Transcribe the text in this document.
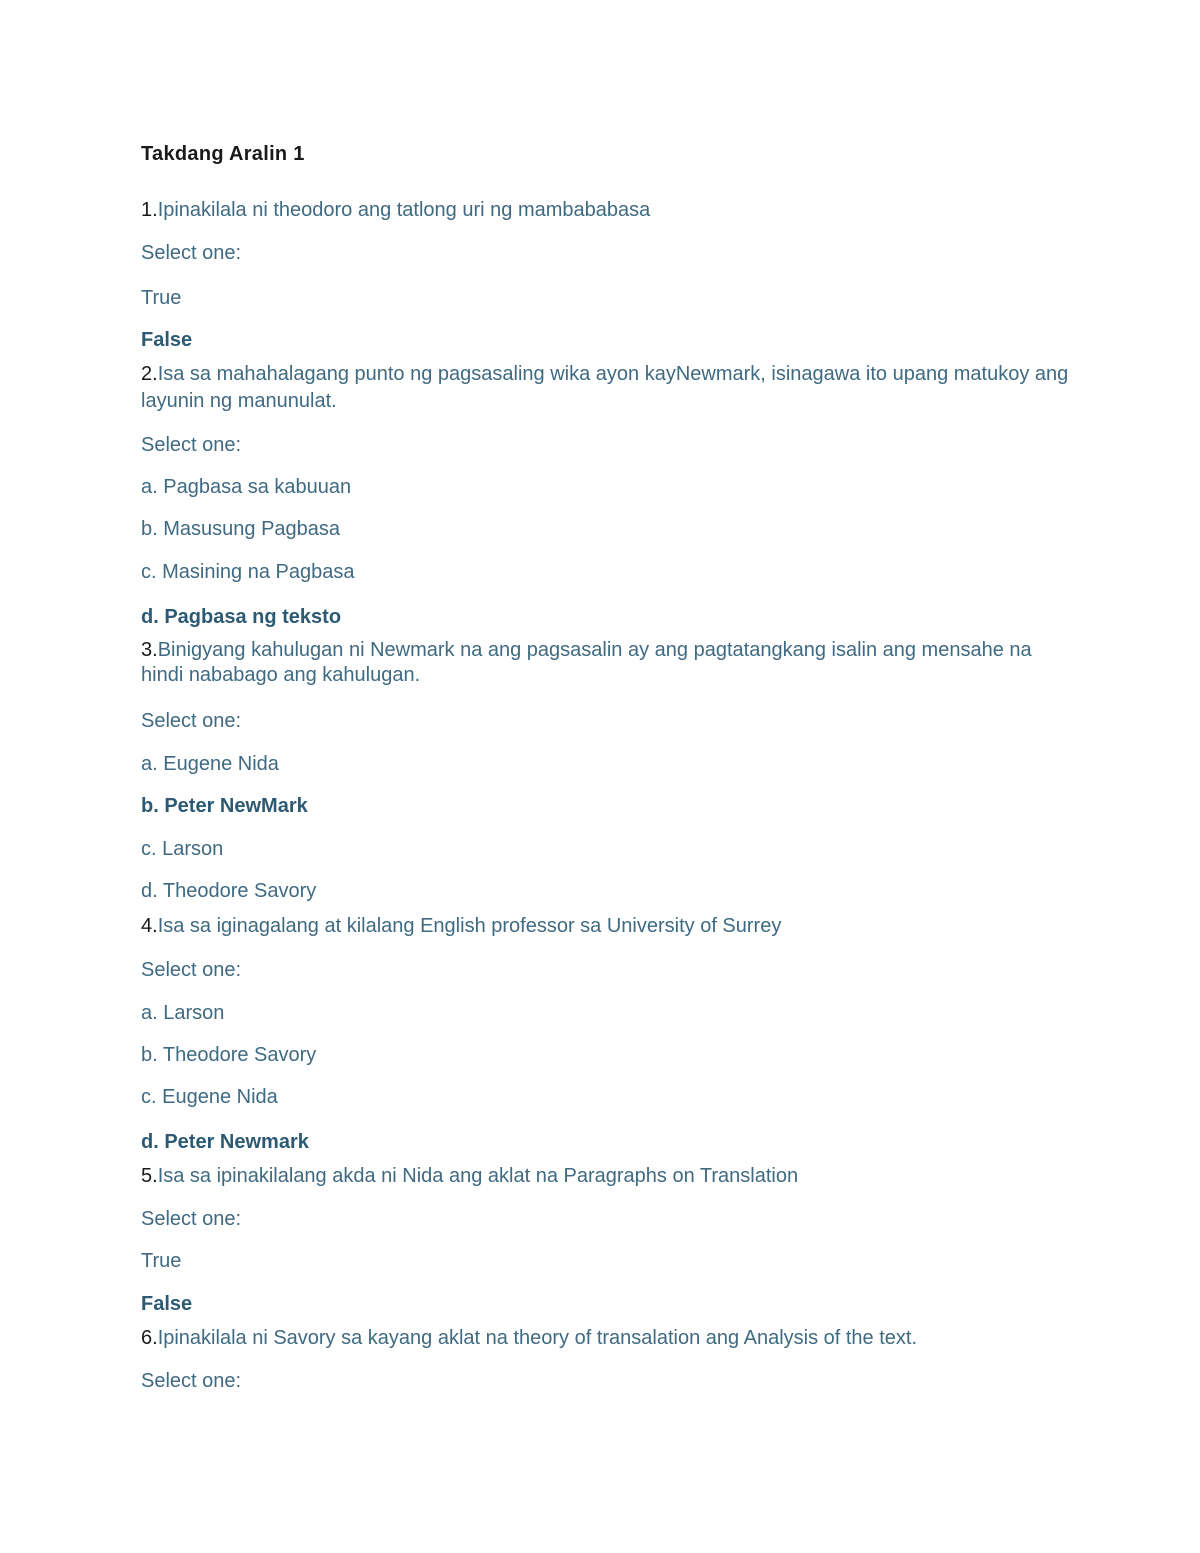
Takdang Aralin 1
1.Ipinakilala ni theodoro ang tatlong uri ng mambababasa
Select one:
True
False
2.Isa sa mahahalagang punto ng pagsasaling wika ayon kayNewmark, isinagawa ito upang matukoy ang layunin ng manunulat.
Select one:
a. Pagbasa sa kabuuan
b. Masusung Pagbasa
c. Masining na Pagbasa
d. Pagbasa ng teksto
3.Binigyang kahulugan ni Newmark na ang pagsasalin ay ang pagtatangkang isalin ang mensahe na hindi nababago ang kahulugan.
Select one:
a. Eugene Nida
b. Peter NewMark
c. Larson
d. Theodore Savory
4.Isa sa iginagalang at kilalang English professor sa University of Surrey
Select one:
a. Larson
b. Theodore Savory
c. Eugene Nida
d. Peter Newmark
5.Isa sa ipinakilalang akda ni Nida ang aklat na Paragraphs on Translation
Select one:
True
False
6.Ipinakilala ni Savory sa kayang aklat na theory of transalation ang Analysis of the text.
Select one:
